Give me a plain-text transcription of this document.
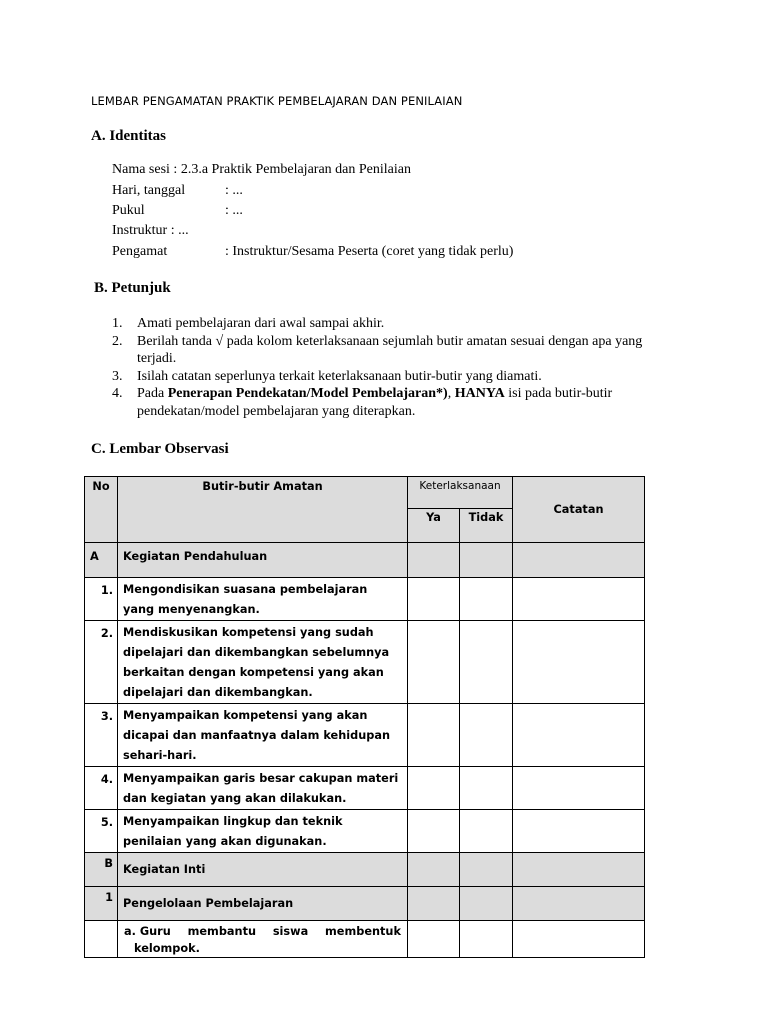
LEMBAR PENGAMATAN PRAKTIK PEMBELAJARAN DAN PENILAIAN
A. Identitas
Nama sesi : 2.3.a Praktik Pembelajaran dan Penilaian
Hari, tanggal	: ...
Pukul	: ...
Instruktur : ...
Pengamat	: Instruktur/Sesama Peserta (coret yang tidak perlu)
B. Petunjuk
1. Amati pembelajaran dari awal sampai akhir.
2. Berilah tanda √ pada kolom keterlaksanaan sejumlah butir amatan sesuai dengan apa yang terjadi.
3. Isilah catatan seperlunya terkait keterlaksanaan butir-butir yang diamati.
4. Pada Penerapan Pendekatan/Model Pembelajaran*), HANYA isi pada butir-butir pendekatan/model pembelajaran yang diterapkan.
C. Lembar Observasi
No	Butir-butir Amatan	Keterlaksanaan		Catatan
		Ya	Tidak	
A	Kegiatan Pendahuluan			
1.	Mengondisikan suasana pembelajaran yang menyenangkan.			
2.	Mendiskusikan kompetensi yang sudah dipelajari dan dikembangkan sebelumnya berkaitan dengan kompetensi yang akan dipelajari dan dikembangkan.			
3.	Menyampaikan kompetensi yang akan dicapai dan manfaatnya dalam kehidupan sehari-hari.			
4.	Menyampaikan garis besar cakupan materi dan kegiatan yang akan dilakukan.			
5.	Menyampaikan lingkup dan teknik penilaian yang akan digunakan.			
B	Kegiatan Inti			
1	Pengelolaan Pembelajaran			

	a. Guru membantu siswa membentuk
kelompok.			
